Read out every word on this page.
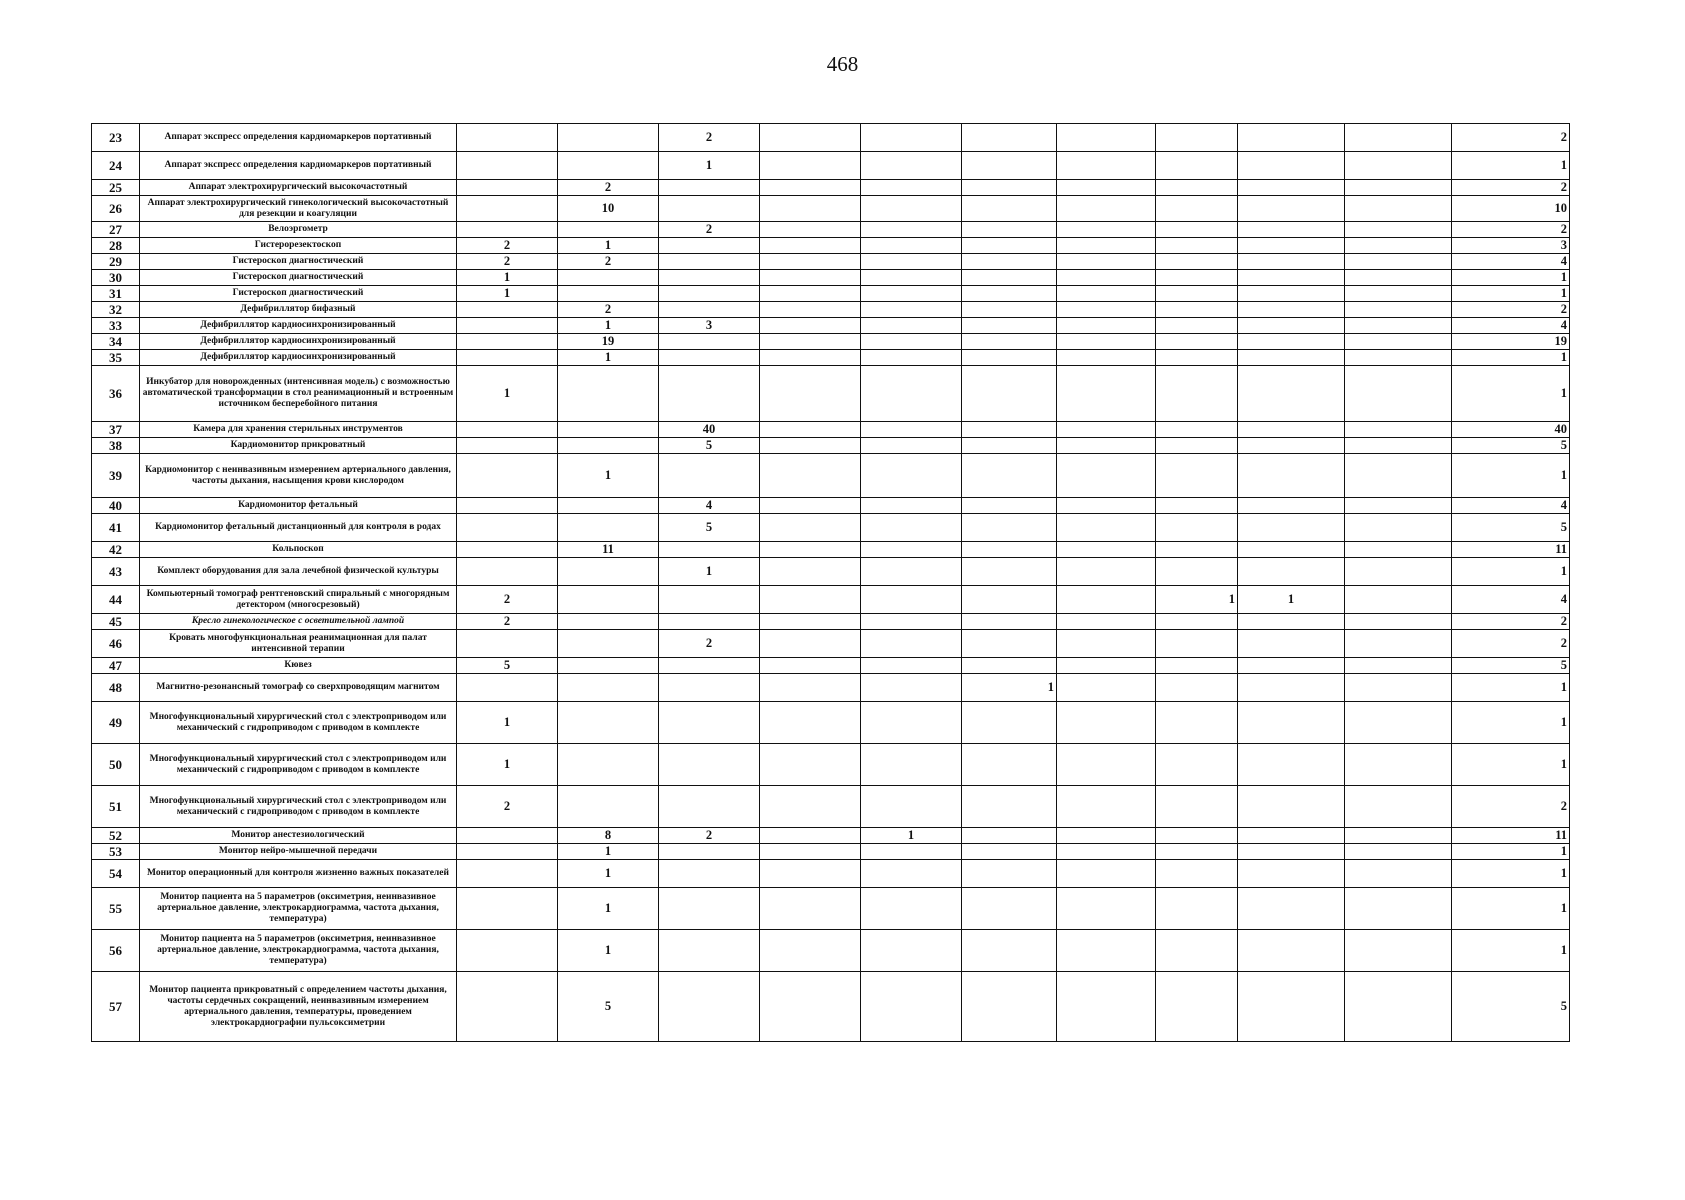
468
23	Аппарат экспресс определения кардиомаркеров портативный			2								2
24	Аппарат экспресс определения кардиомаркеров портативный			1								1
25	Аппарат электрохирургический высокочастотный		2									2
26	Аппарат электрохирургический гинекологический высокочастотный для резекции и коагуляции		10									10
27	Велоэргометр			2								2
28	Гистерорезектоскоп	2	1									3
29	Гистероскоп диагностический	2	2									4
30	Гистероскоп диагностический	1										1
31	Гистероскоп диагностический	1										1
32	Дефибриллятор бифазный		2									2
33	Дефибриллятор кардиосинхронизированный		1	3								4
34	Дефибриллятор кардиосинхронизированный		19									19
35	Дефибриллятор кардиосинхронизированный		1									1
36	Инкубатор для новорожденных (интенсивная модель) с возможностью автоматической трансформации в стол реанимационный и встроенным источником бесперебойного питания	1										1
37	Камера для хранения стерильных инструментов			40								40
38	Кардиомонитор прикроватный			5								5
39	Кардиомонитор с неинвазивным измерением артериального давления, частоты дыхания, насыщения крови кислородом		1									1
40	Кардиомонитор фетальный			4								4
41	Кардиомонитор фетальный дистанционный для контроля в родах			5								5
42	Кольпоскоп		11									11
43	Комплект оборудования для зала лечебной физической культуры			1								1
44	Компьютерный томограф рентгеновский спиральный с многорядным детектором (многосрезовый)	2							1	1		4
45	Кресло гинекологическое с осветительной лампой	2										2
46	Кровать многофункциональная реанимационная для палат интенсивной терапии			2								2
47	Кювез	5										5
48	Магнитно-резонансный томограф со сверхпроводящим магнитом						1					1
49	Многофункциональный хирургический стол с электроприводом или механический с гидроприводом с приводом в комплекте	1										1
50	Многофункциональный хирургический стол с электроприводом или механический с гидроприводом с приводом в комплекте	1										1
51	Многофункциональный хирургический стол с электроприводом или механический с гидроприводом с приводом в комплекте	2										2
52	Монитор анестезиологический		8	2		1						11
53	Монитор нейро-мышечной передачи		1									1
54	Монитор операционный для контроля жизненно важных показателей		1									1
55	Монитор пациента на 5 параметров (оксиметрия, неинвазивное артериальное давление, электрокардиограмма, частота дыхания, температура)		1									1
56	Монитор пациента на 5 параметров (оксиметрия, неинвазивное артериальное давление, электрокардиограмма, частота дыхания, температура)		1									1
57	Монитор пациента прикроватный с определением частоты дыхания, частоты сердечных сокращений, неинвазивным измерением артериального давления, температуры, проведением электрокардиографии пульсоксиметрии		5									5
